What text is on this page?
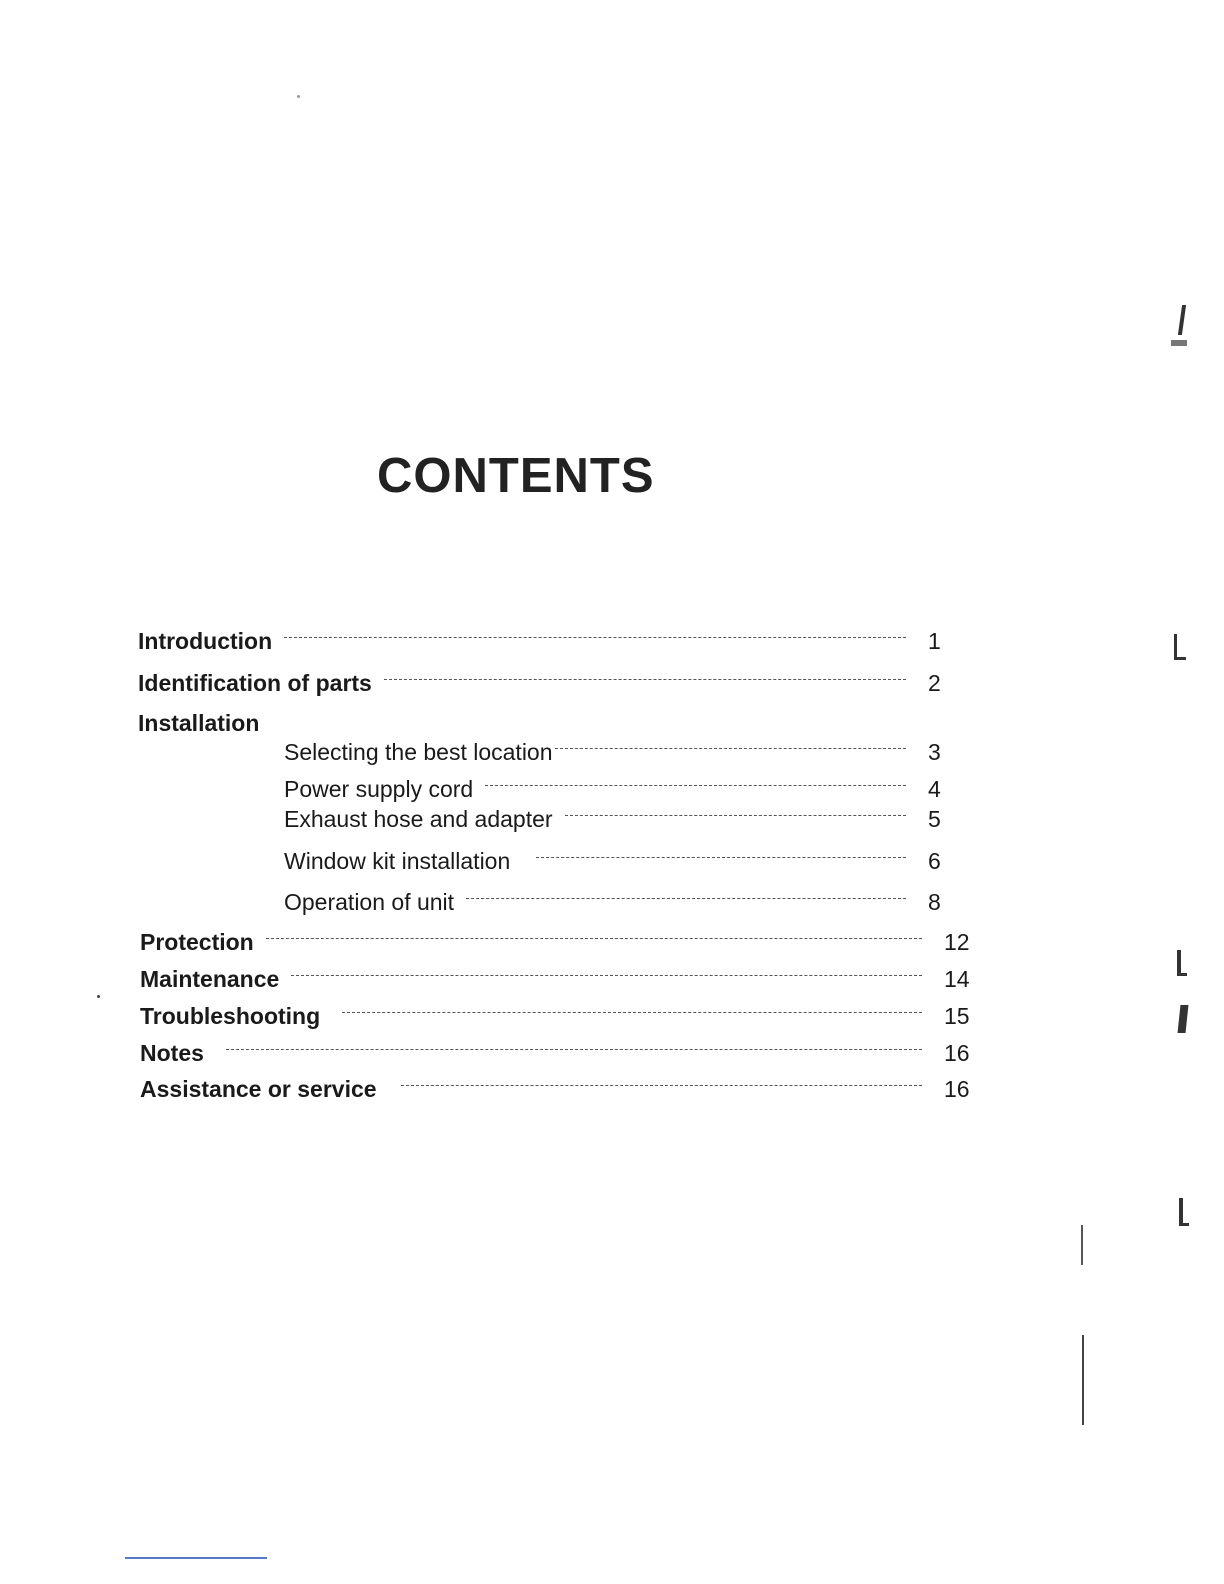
CONTENTS
Introduction	1
Identification of parts	2
Installation
Selecting the best location	3
Power supply cord	4
Exhaust hose and adapter	5
Window kit installation	6
Operation of unit	8
Protection	12
Maintenance	14
Troubleshooting	15
Notes	16
Assistance or service	16
